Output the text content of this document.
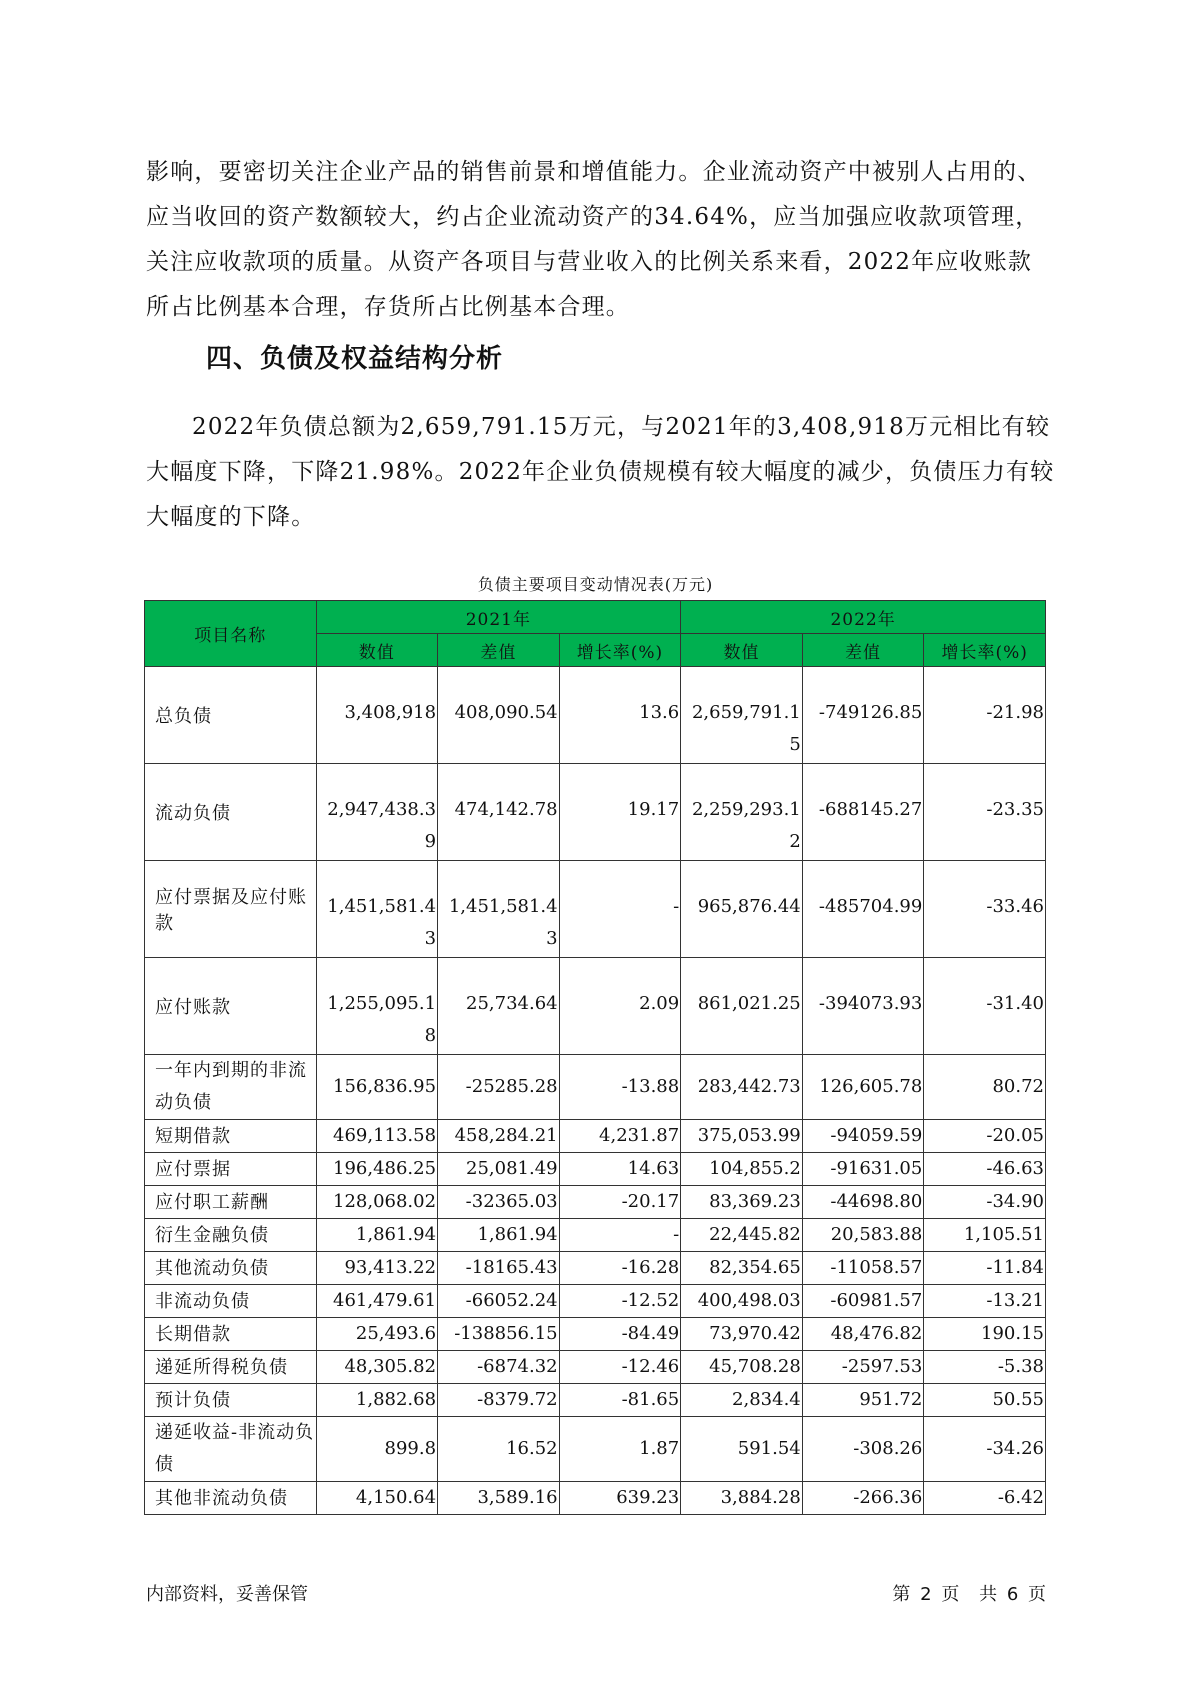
影响，要密切关注企业产品的销售前景和增值能力。企业流动资产中被别人占用的、应当收回的资产数额较大，约占企业流动资产的34.64%，应当加强应收款项管理，关注应收款项的质量。从资产各项目与营业收入的比例关系来看，2022年应收账款所占比例基本合理，存货所占比例基本合理。

四、负债及权益结构分析

2022年负债总额为2,659,791.15万元，与2021年的3,408,918万元相比有较大幅度下降，下降21.98%。2022年企业负债规模有较大幅度的减少，负债压力有较大幅度的下降。

负债主要项目变动情况表(万元)
项目名称	2021年			2022年		
	数值	差值	增长率(%)	数值	差值	增长率(%)
总负债	3,408,918	408,090.54	13.6	2,659,791.15	-749126.85	-21.98
流动负债	2,947,438.39	474,142.78	19.17	2,259,293.12	-688145.27	-23.35
应付票据及应付账款	1,451,581.43	1,451,581.43	-	965,876.44	-485704.99	-33.46
应付账款	1,255,095.18	25,734.64	2.09	861,021.25	-394073.93	-31.40
一年内到期的非流动负债	156,836.95	-25285.28	-13.88	283,442.73	126,605.78	80.72
短期借款	469,113.58	458,284.21	4,231.87	375,053.99	-94059.59	-20.05
应付票据	196,486.25	25,081.49	14.63	104,855.2	-91631.05	-46.63
应付职工薪酬	128,068.02	-32365.03	-20.17	83,369.23	-44698.80	-34.90
衍生金融负债	1,861.94	1,861.94	-	22,445.82	20,583.88	1,105.51
其他流动负债	93,413.22	-18165.43	-16.28	82,354.65	-11058.57	-11.84
非流动负债	461,479.61	-66052.24	-12.52	400,498.03	-60981.57	-13.21
长期借款	25,493.6	-138856.15	-84.49	73,970.42	48,476.82	190.15
递延所得税负债	48,305.82	-6874.32	-12.46	45,708.28	-2597.53	-5.38
预计负债	1,882.68	-8379.72	-81.65	2,834.4	951.72	50.55
递延收益-非流动负债	899.8	16.52	1.87	591.54	-308.26	-34.26
其他非流动负债	4,150.64	3,589.16	639.23	3,884.28	-266.36	-6.42
内部资料，妥善保管	第 2 页 共 6 页
